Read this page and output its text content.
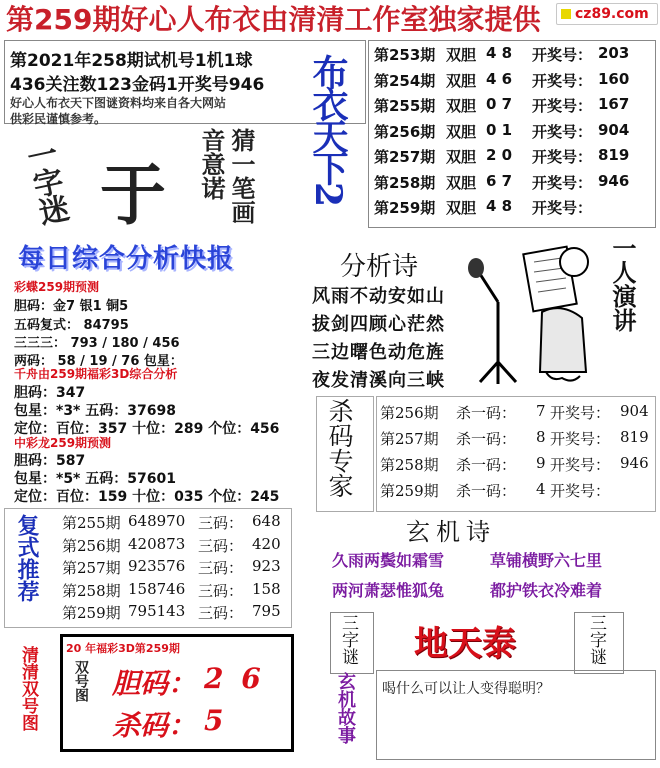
第259期好心人布衣由清清工作室独家提供	cz89.com
第2021年258期试机号1机1球
436关注数123金码1开奖号946
好心人布衣天下图谜资料均来自各大网站
供彩民谨慎参考。	布衣天下2
一字迷 于	猜一笔画音意诺
每日综合分析快报
第253期 双胆 4 8 开奖号： 203
第254期 双胆 4 6 开奖号： 160
第255期 双胆 0 7 开奖号： 167
第256期 双胆 0 1 开奖号： 904
第257期 双胆 2 0 开奖号： 819
第258期 双胆 6 7 开奖号： 946
第259期 双胆 4 8 开奖号：
彩蝶259期预测
胆码：金7 银1 铜5
五码复式： 84795
三三三： 793 / 180 / 456
两码： 58 / 19 / 76 包星：
千舟由259期福彩3D综合分析
胆码：347
包星：*3* 五码：37698
定位：百位：357 十位：289 个位：456
中彩龙259期预测
胆码：587
包星：*5* 五码：57601
定位：百位：159 十位：035 个位：245
分析诗
风雨不动安如山
拔剑四顾心茫然
三边曙色动危旌
夜发清溪向三峡
一人演讲
杀码专家 第256期 杀一码： 7 开奖号： 904
第257期 杀一码： 8 开奖号： 819
第258期 杀一码： 9 开奖号： 946
第259期 杀一码： 4 开奖号：
复式推荐 第255期 648970 三码： 648
第256期 420873 三码： 420
第257期 923576 三码： 923
第258期 158746 三码： 158
第259期 795143 三码： 795
玄机诗
久雨两鬓如霜雪	草铺横野六七里
两河萧瑟惟狐兔	都护铁衣冷难着
清清双号图	20 年福彩3D第259期
双号图 胆码： 2 6
杀码： 5
三字谜 地天泰	三字谜
喝什么可以让人变得聪明？
玄机故事
